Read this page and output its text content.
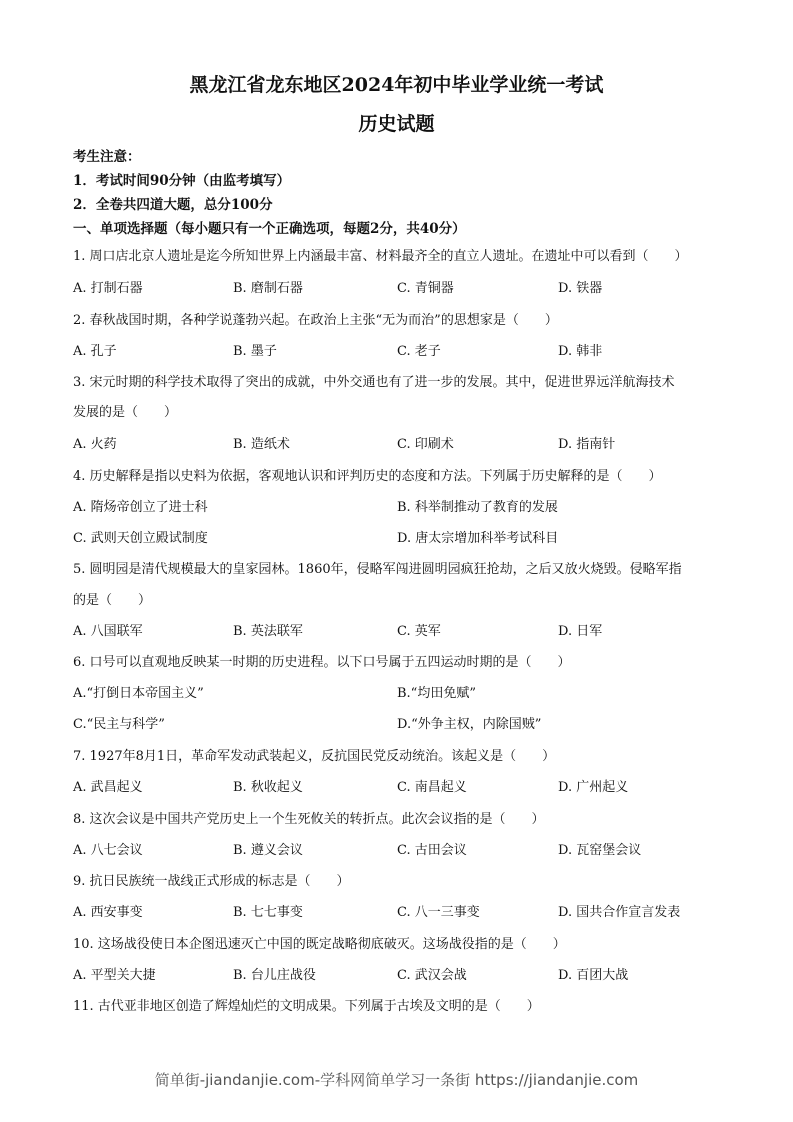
黑龙江省龙东地区2024年初中毕业学业统一考试
历史试题
考生注意：
1．考试时间90分钟（由监考填写）
2．全卷共四道大题，总分100分
一、单项选择题（每小题只有一个正确选项，每题2分，共40分）
1. 周口店北京人遗址是迄今所知世界上内涵最丰富、材料最齐全的直立人遗址。在遗址中可以看到（　　）
A. 打制石器	B. 磨制石器	C. 青铜器	D. 铁器
2. 春秋战国时期，各种学说蓬勃兴起。在政治上主张“无为而治”的思想家是（　　）
A. 孔子	B. 墨子	C. 老子	D. 韩非
3. 宋元时期的科学技术取得了突出的成就，中外交通也有了进一步的发展。其中，促进世界远洋航海技术
发展的是（　　）
A. 火药	B. 造纸术	C. 印刷术	D. 指南针
4. 历史解释是指以史料为依据，客观地认识和评判历史的态度和方法。下列属于历史解释的是（　　）
A. 隋炀帝创立了进士科	B. 科举制推动了教育的发展
C. 武则天创立殿试制度	D. 唐太宗增加科举考试科目
5. 圆明园是清代规模最大的皇家园林。1860年，侵略军闯进圆明园疯狂抢劫，之后又放火烧毁。侵略军指
的是（　　）
A. 八国联军	B. 英法联军	C. 英军	D. 日军
6. 口号可以直观地反映某一时期的历史进程。以下口号属于五四运动时期的是（　　）
A.“打倒日本帝国主义”	B.“均田免赋”
C.“民主与科学”	D.“外争主权，内除国贼”
7. 1927年8月1日，革命军发动武装起义，反抗国民党反动统治。该起义是（　　）
A. 武昌起义	B. 秋收起义	C. 南昌起义	D. 广州起义
8. 这次会议是中国共产党历史上一个生死攸关的转折点。此次会议指的是（　　）
A. 八七会议	B. 遵义会议	C. 古田会议	D. 瓦窑堡会议
9. 抗日民族统一战线正式形成的标志是（　　）
A. 西安事变	B. 七七事变	C. 八一三事变	D. 国共合作宣言发表
10. 这场战役使日本企图迅速灭亡中国的既定战略彻底破灭。这场战役指的是（　　）
A. 平型关大捷	B. 台儿庄战役	C. 武汉会战	D. 百团大战
11. 古代亚非地区创造了辉煌灿烂的文明成果。下列属于古埃及文明的是（　　）
简单街-jiandanjie.com-学科网简单学习一条街 https://jiandanjie.com
